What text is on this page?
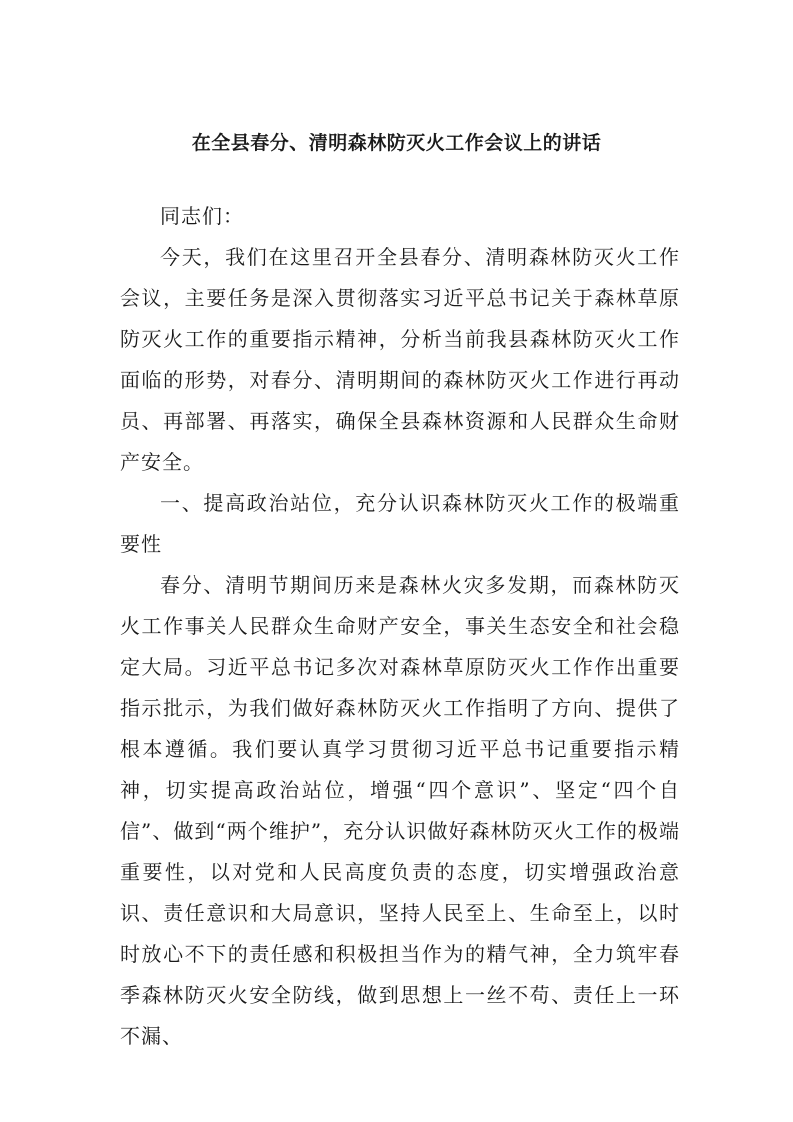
在全县春分、清明森林防灭火工作会议上的讲话

同志们：

今天，我们在这里召开全县春分、清明森林防灭火工作会议，主要任务是深入贯彻落实习近平总书记关于森林草原防灭火工作的重要指示精神，分析当前我县森林防灭火工作面临的形势，对春分、清明期间的森林防灭火工作进行再动员、再部署、再落实，确保全县森林资源和人民群众生命财产安全。

一、提高政治站位，充分认识森林防灭火工作的极端重要性

春分、清明节期间历来是森林火灾多发期，而森林防灭火工作事关人民群众生命财产安全，事关生态安全和社会稳定大局。习近平总书记多次对森林草原防灭火工作作出重要指示批示，为我们做好森林防灭火工作指明了方向、提供了根本遵循。我们要认真学习贯彻习近平总书记重要指示精神，切实提高政治站位，增强“四个意识”、坚定“四个自信”、做到“两个维护”，充分认识做好森林防灭火工作的极端重要性，以对党和人民高度负责的态度，切实增强政治意识、责任意识和大局意识，坚持人民至上、生命至上，以时时放心不下的责任感和积极担当作为的精气神，全力筑牢春季森林防灭火安全防线，做到思想上一丝不苟、责任上一环不漏、
